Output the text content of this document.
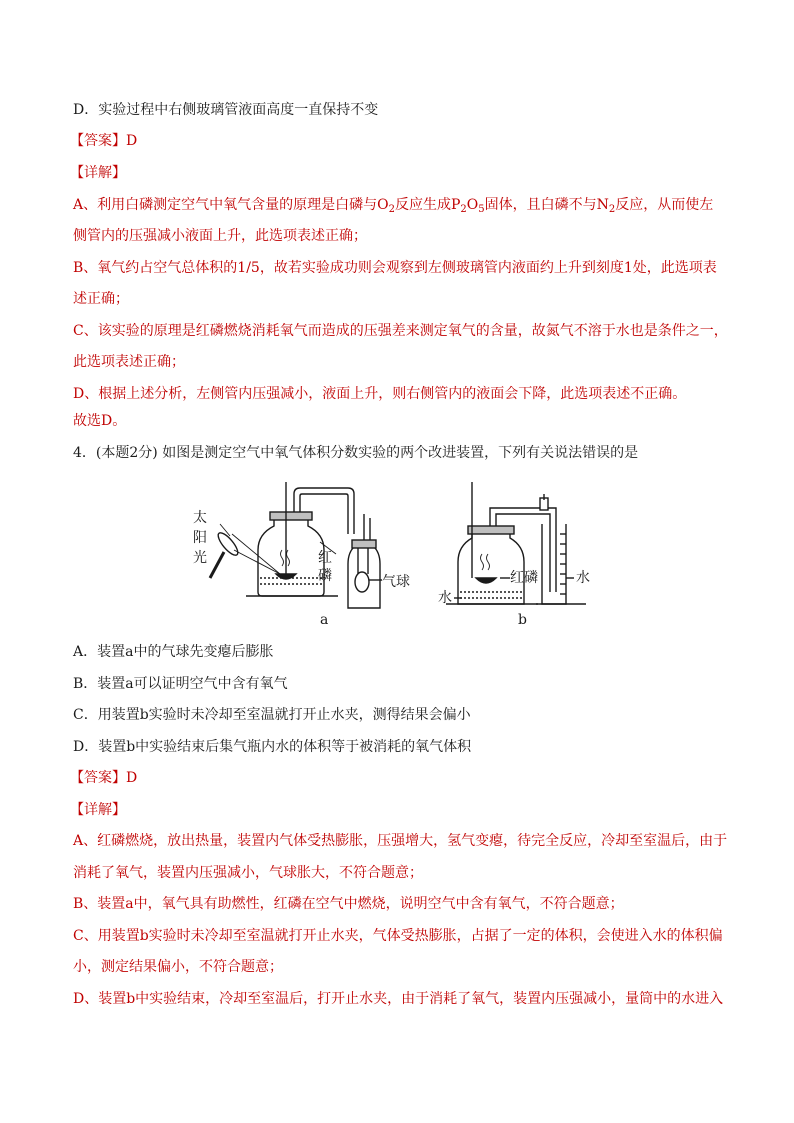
D．实验过程中右侧玻璃管液面高度一直保持不变
【答案】D
【详解】
A、利用白磷测定空气中氧气含量的原理是白磷与$O_2$反应生成$P_2O_5$固体，且白磷不与$N_2$反应，从而使左
侧管内的压强减小液面上升，此选项表述正确；
B、氧气约占空气总体积的1/5，故若实验成功则会观察到左侧玻璃管内液面约上升到刻度1处，此选项表
述正确；
C、该实验的原理是红磷燃烧消耗氧气而造成的压强差来测定氧气的含量，故氮气不溶于水也是条件之一，
此选项表述正确；
D、根据上述分析，左侧管内压强减小，液面上升，则右侧管内的液面会下降，此选项表述不正确。
故选D。
4．(本题2分) 如图是测定空气中氧气体积分数实验的两个改进装置，下列有关说法错误的是
太
阳
光	红
磷	气球
a
水
红磷	水
b
A．装置a中的气球先变瘪后膨胀
B．装置a可以证明空气中含有氧气
C．用装置b实验时未冷却至室温就打开止水夹，测得结果会偏小
D．装置b中实验结束后集气瓶内水的体积等于被消耗的氧气体积
【答案】D
【详解】
A、红磷燃烧，放出热量，装置内气体受热膨胀，压强增大，氢气变瘪，待完全反应，冷却至室温后，由于
消耗了氧气，装置内压强减小，气球胀大，不符合题意；
B、装置a中，氧气具有助燃性，红磷在空气中燃烧，说明空气中含有氧气，不符合题意；
C、用装置b实验时未冷却至室温就打开止水夹，气体受热膨胀，占据了一定的体积，会使进入水的体积偏
小，测定结果偏小，不符合题意；
D、装置b中实验结束，冷却至室温后，打开止水夹，由于消耗了氧气，装置内压强减小，量筒中的水进入
